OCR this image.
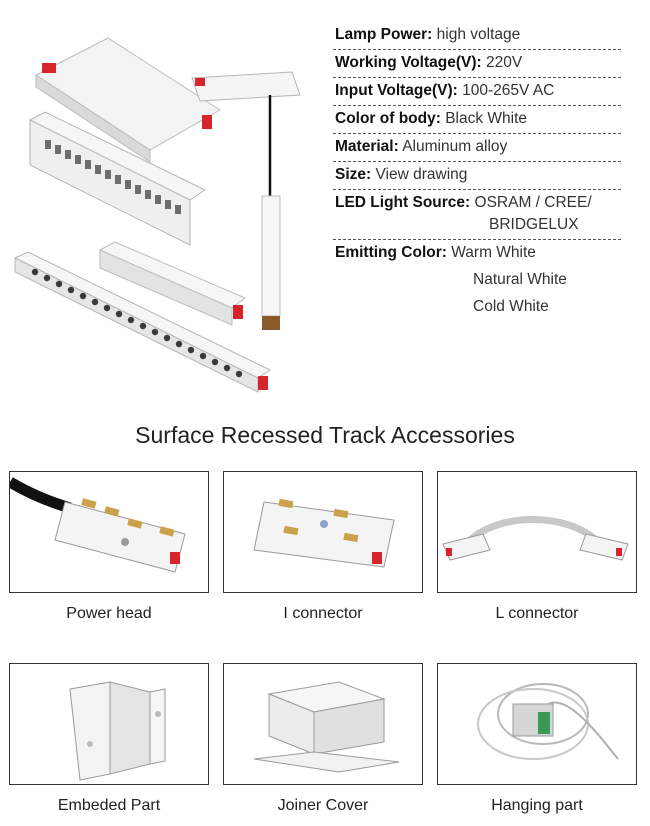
Lamp Power: high voltage
Working Voltage(V): 220V
Input Voltage(V): 100-265V AC
Color of body: Black White
Material: Aluminum alloy
Size: View drawing
LED Light Source: OSRAM / CREE/
BRIDGELUX
Emitting Color: Warm White
Natural White
Cold White
Surface Recessed Track Accessories
Power head	I connector	L connector
Embeded Part	Joiner Cover	Hanging part
